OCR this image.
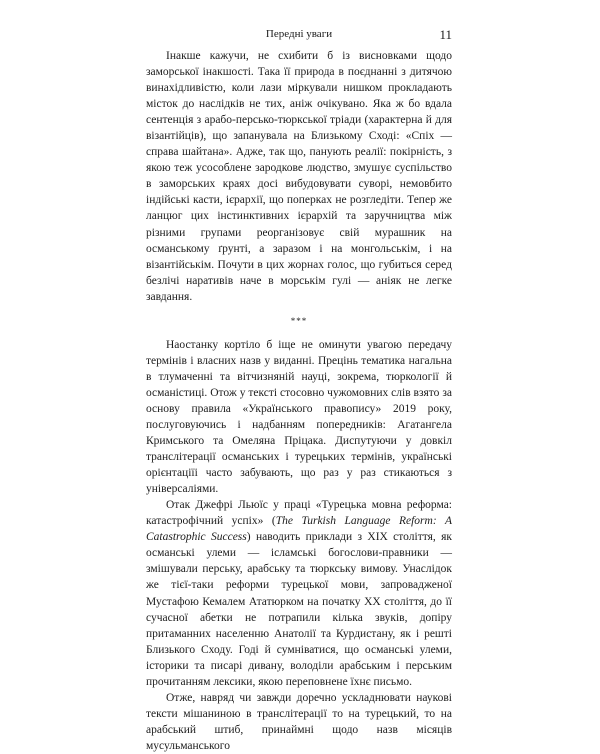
Передні уваги	11

Інакше кажучи, не схибити б із висновками щодо заморської інакшості. Така її природа в поєднанні з дитячою винахідливістю, коли лази міркували нишком прокладають місток до наслідків не тих, аніж очікувано. Яка ж бо вдала сентенція з арабо-персько-тюркської тріади (характерна й для візантійців), що запанувала на Близькому Сході: «Спіх — справа шайтана». Адже, так що, панують реалії: покірність, з якою теж усособлене зародкове людство, змушує суспільство в заморських краях досі вибудовувати суворі, немовбито індійські касти, ієрархії, що поперках не розгледіти. Тепер же ланцюг цих інстинктивних ієрархій та заручництва між різними групами реорганізовує свій мурашник на османському ґрунті, а заразом і на монгольськім, і на візантійськім. Почути в цих жорнах голос, що губиться серед безлічі наративів наче в морськім гулі — аніяк не легке завдання.

***

Наостанку кортіло б іще не оминути увагою передачу термінів і власних назв у виданні. Прецінь тематика нагальна в тлумаченні та вітчизняній науці, зокрема, тюркології й османістиці. Отож у тексті стосовно чужомовних слів взято за основу правила «Українського правопису» 2019 року, послуговуючись і надбанням попередників: Агатангела Кримського та Омеляна Пріцака. Диспутуючи у довкіл транслітерації османських і турецьких термінів, українські орієнтаціїі часто забувають, що раз у раз стикаються з універсаліями.

Отак Джефрі Льюїс у праці «Турецька мовна реформа: катастрофічний успіх» (The Turkish Language Reform: A Catastrophic Success) наводить приклади з XIX століття, як османські улеми — ісламські богослови-правники — змішували перську, арабську та тюркську вимову. Унаслідок же тієї-таки реформи турецької мови, запровадженої Мустафою Кемалем Ататюрком на початку XX століття, до її сучасної абетки не потрапили кілька звуків, допіру притаманних населенню Анатолії та Курдистану, як і решті Близького Сходу. Годі й сумніватися, що османські улеми, історики та писарі дивану, володіли арабським і перським прочитанням лексики, якою переповнене їхнє письмо.

Отже, навряд чи завжди доречно ускладнювати наукові тексти мішаниною в транслітерації то на турецький, то на арабський штиб, принаймні щодо назв місяців мусульманського
